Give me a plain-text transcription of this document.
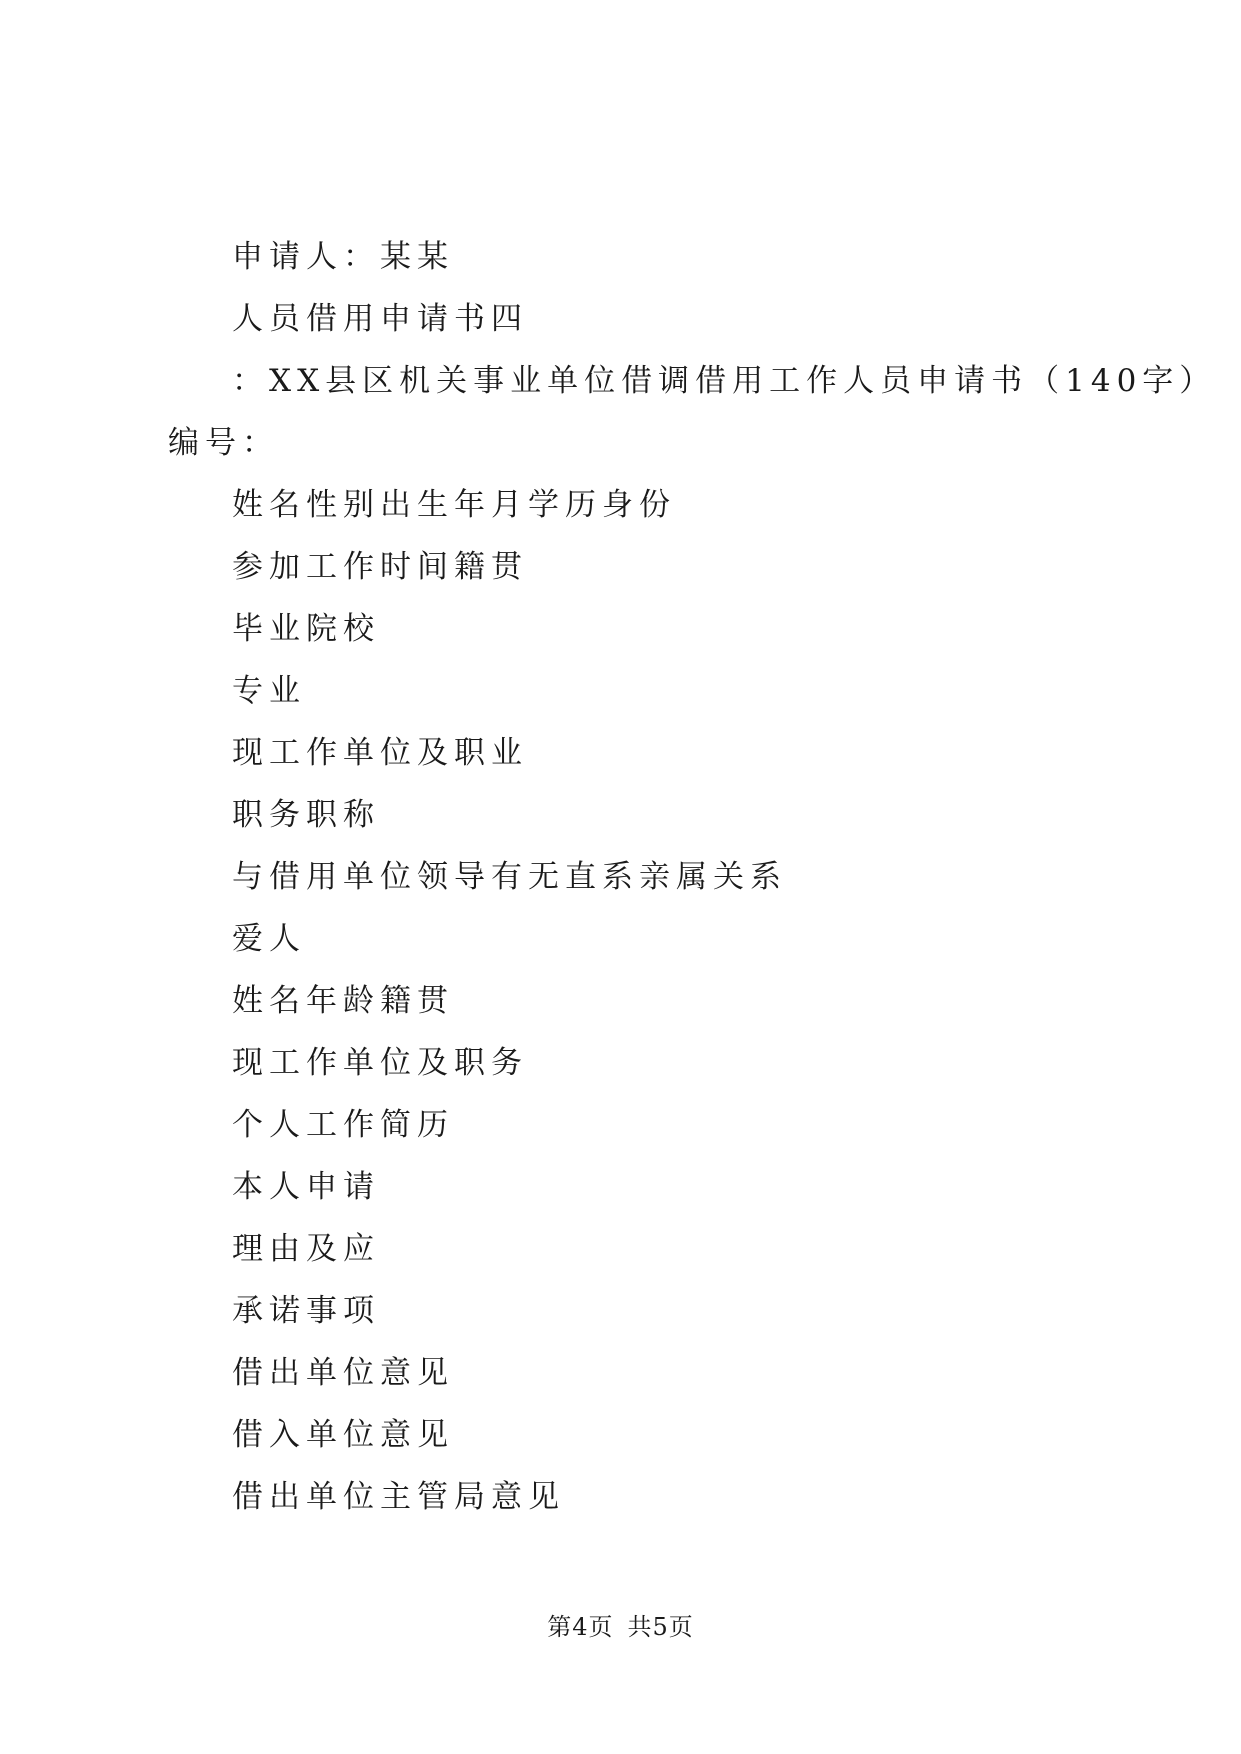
申请人：某某
人员借用申请书四
：XX县区机关事业单位借调借用工作人员申请书（140字）
编号：
姓名性别出生年月学历身份
参加工作时间籍贯
毕业院校
专业
现工作单位及职业
职务职称
与借用单位领导有无直系亲属关系
爱人
姓名年龄籍贯
现工作单位及职务
个人工作简历
本人申请
理由及应
承诺事项
借出单位意见
借入单位意见
借出单位主管局意见
第4页 共5页
